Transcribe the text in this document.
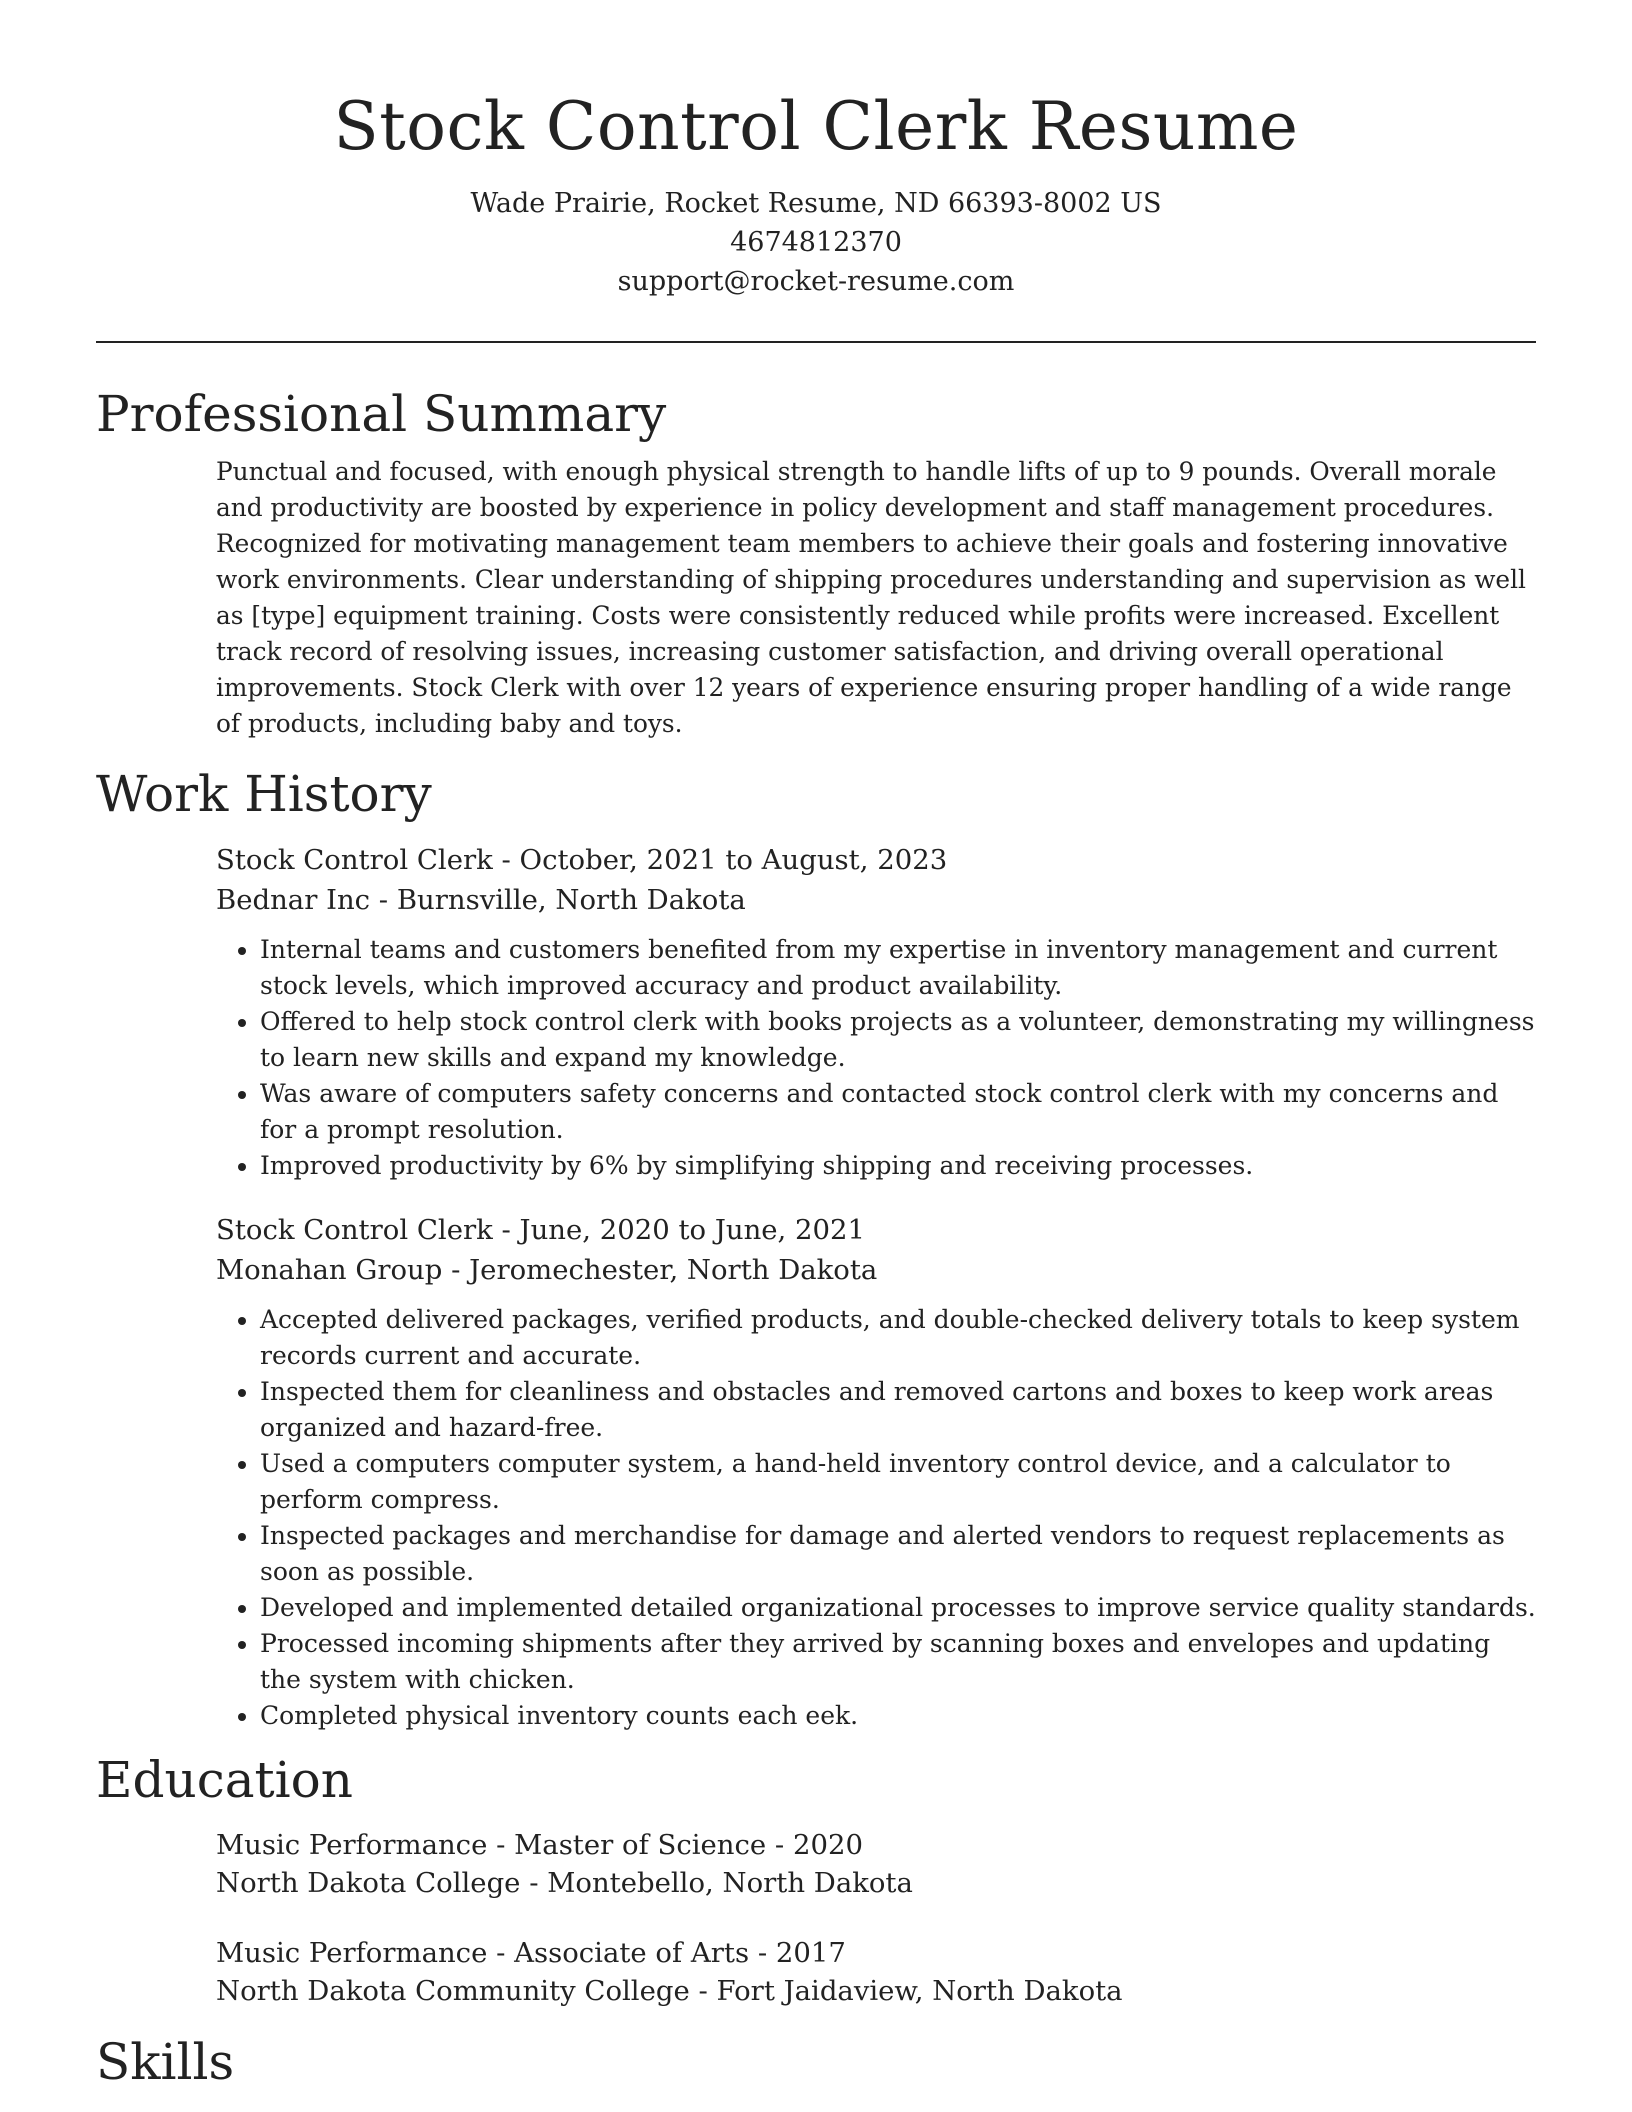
Stock Control Clerk Resume
Wade Prairie, Rocket Resume, ND 66393-8002 US
4674812370
support@rocket-resume.com
Professional Summary
Punctual and focused, with enough physical strength to handle lifts of up to 9 pounds. Overall morale and productivity are boosted by experience in policy development and staff management procedures. Recognized for motivating management team members to achieve their goals and fostering innovative work environments. Clear understanding of shipping procedures understanding and supervision as well as [type] equipment training. Costs were consistently reduced while profits were increased. Excellent track record of resolving issues, increasing customer satisfaction, and driving overall operational improvements. Stock Clerk with over 12 years of experience ensuring proper handling of a wide range of products, including baby and toys.
Work History
Stock Control Clerk - October, 2021 to August, 2023
Bednar Inc - Burnsville, North Dakota
• Internal teams and customers benefited from my expertise in inventory management and current stock levels, which improved accuracy and product availability.
• Offered to help stock control clerk with books projects as a volunteer, demonstrating my willingness to learn new skills and expand my knowledge.
• Was aware of computers safety concerns and contacted stock control clerk with my concerns and for a prompt resolution.
• Improved productivity by 6% by simplifying shipping and receiving processes.
Stock Control Clerk - June, 2020 to June, 2021
Monahan Group - Jeromechester, North Dakota
• Accepted delivered packages, verified products, and double-checked delivery totals to keep system records current and accurate.
• Inspected them for cleanliness and obstacles and removed cartons and boxes to keep work areas organized and hazard-free.
• Used a computers computer system, a hand-held inventory control device, and a calculator to perform compress.
• Inspected packages and merchandise for damage and alerted vendors to request replacements as soon as possible.
• Developed and implemented detailed organizational processes to improve service quality standards.
• Processed incoming shipments after they arrived by scanning boxes and envelopes and updating the system with chicken.
• Completed physical inventory counts each eek.
Education
Music Performance - Master of Science - 2020
North Dakota College - Montebello, North Dakota
Music Performance - Associate of Arts - 2017
North Dakota Community College - Fort Jaidaview, North Dakota
Skills
